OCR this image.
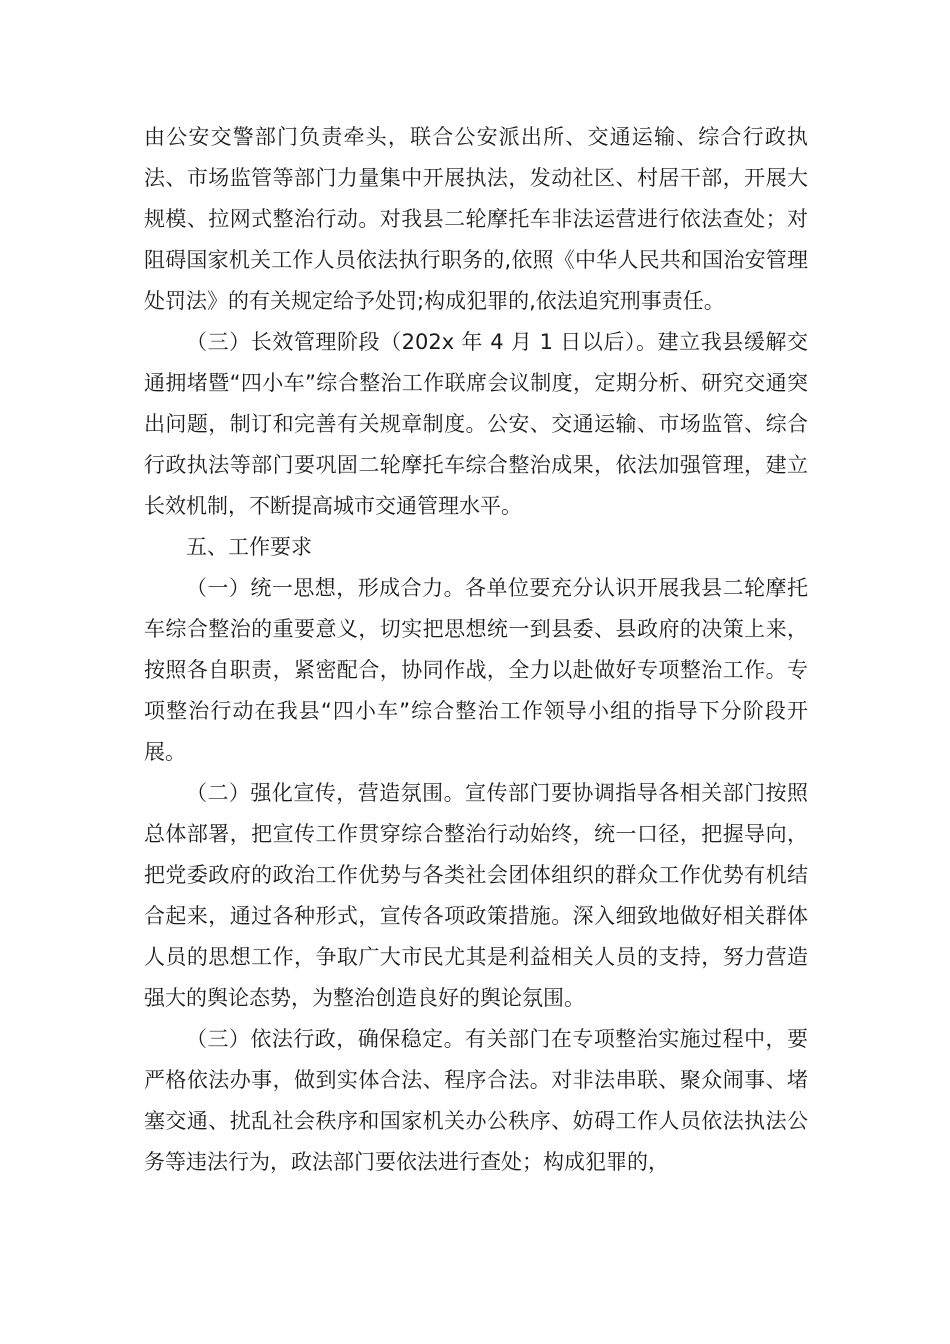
由公安交警部门负责牵头，联合公安派出所、交通运输、综合行政执法、市场监管等部门力量集中开展执法，发动社区、村居干部，开展大规模、拉网式整治行动。对我县二轮摩托车非法运营进行依法查处；对阻碍国家机关工作人员依法执行职务的,依照《中华人民共和国治安管理处罚法》的有关规定给予处罚;构成犯罪的,依法追究刑事责任。

（三）长效管理阶段（202x 年 4 月 1 日以后）。建立我县缓解交通拥堵暨“四小车”综合整治工作联席会议制度，定期分析、研究交通突出问题，制订和完善有关规章制度。公安、交通运输、市场监管、综合行政执法等部门要巩固二轮摩托车综合整治成果，依法加强管理，建立长效机制，不断提高城市交通管理水平。

五、工作要求

（一）统一思想，形成合力。各单位要充分认识开展我县二轮摩托车综合整治的重要意义，切实把思想统一到县委、县政府的决策上来，按照各自职责，紧密配合，协同作战，全力以赴做好专项整治工作。专项整治行动在我县“四小车”综合整治工作领导小组的指导下分阶段开展。

（二）强化宣传，营造氛围。宣传部门要协调指导各相关部门按照总体部署，把宣传工作贯穿综合整治行动始终，统一口径，把握导向，把党委政府的政治工作优势与各类社会团体组织的群众工作优势有机结合起来，通过各种形式，宣传各项政策措施。深入细致地做好相关群体人员的思想工作，争取广大市民尤其是利益相关人员的支持，努力营造强大的舆论态势，为整治创造良好的舆论氛围。

（三）依法行政，确保稳定。有关部门在专项整治实施过程中，要严格依法办事，做到实体合法、程序合法。对非法串联、聚众闹事、堵塞交通、扰乱社会秩序和国家机关办公秩序、妨碍工作人员依法执法公务等违法行为，政法部门要依法进行查处；构成犯罪的，
